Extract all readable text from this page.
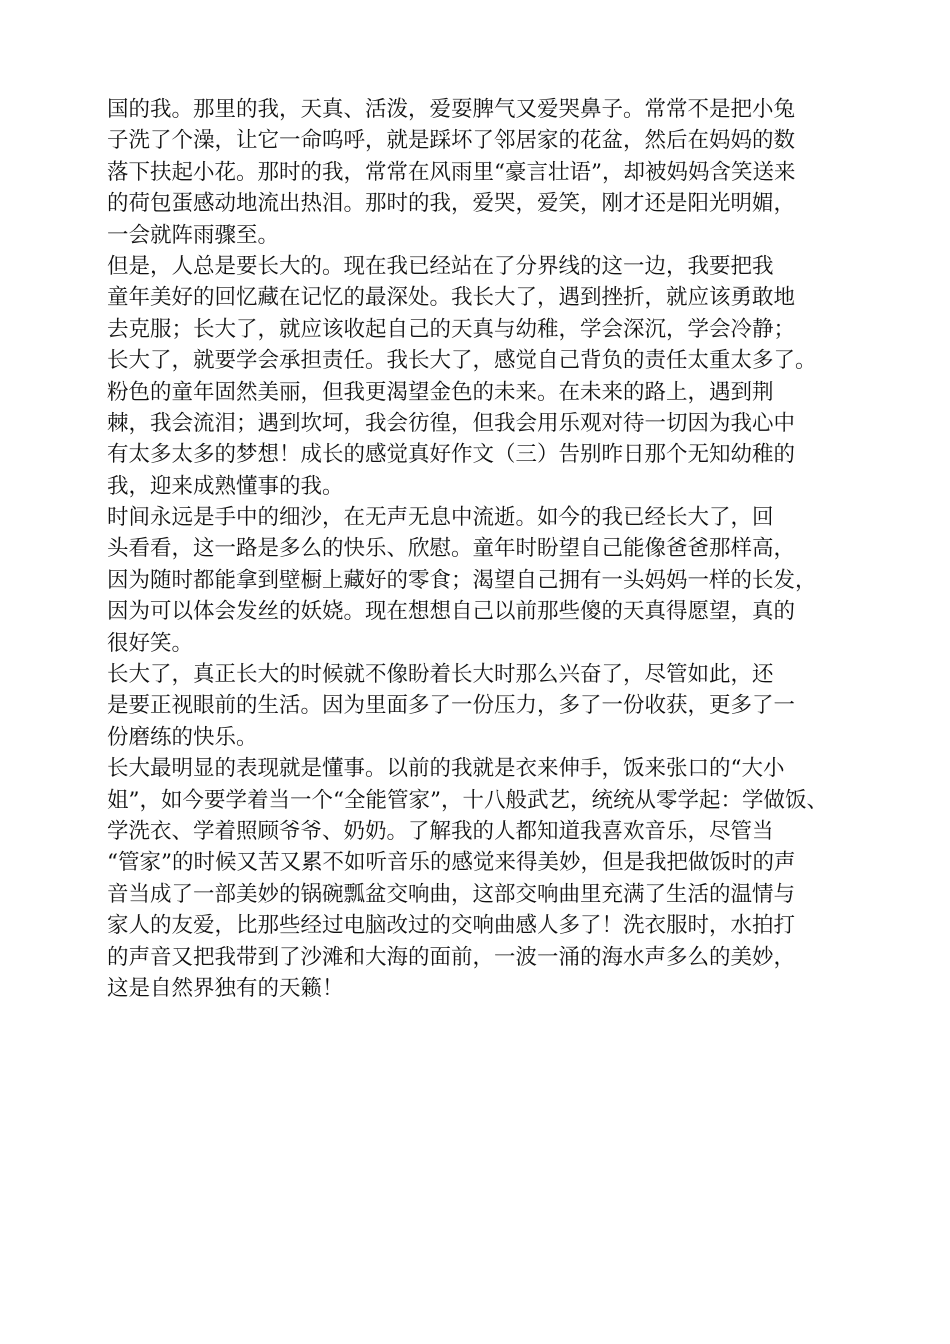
国的我。那里的我，天真、活泼，爱耍脾气又爱哭鼻子。常常不是把小兔
子洗了个澡，让它一命呜呼，就是踩坏了邻居家的花盆，然后在妈妈的数
落下扶起小花。那时的我，常常在风雨里“豪言壮语”，却被妈妈含笑送来
的荷包蛋感动地流出热泪。那时的我，爱哭，爱笑，刚才还是阳光明媚，
一会就阵雨骤至。
但是，人总是要长大的。现在我已经站在了分界线的这一边，我要把我
童年美好的回忆藏在记忆的最深处。我长大了，遇到挫折，就应该勇敢地
去克服；长大了，就应该收起自己的天真与幼稚，学会深沉，学会冷静；
长大了，就要学会承担责任。我长大了，感觉自己背负的责任太重太多了。
粉色的童年固然美丽，但我更渴望金色的未来。在未来的路上，遇到荆
棘，我会流泪；遇到坎坷，我会彷徨，但我会用乐观对待一切因为我心中
有太多太多的梦想！成长的感觉真好作文（三）告别昨日那个无知幼稚的
我，迎来成熟懂事的我。
时间永远是手中的细沙，在无声无息中流逝。如今的我已经长大了，回
头看看，这一路是多么的快乐、欣慰。童年时盼望自己能像爸爸那样高，
因为随时都能拿到壁橱上藏好的零食；渴望自己拥有一头妈妈一样的长发，
因为可以体会发丝的妖娆。现在想想自己以前那些傻的天真得愿望，真的
很好笑。
长大了，真正长大的时候就不像盼着长大时那么兴奋了，尽管如此，还
是要正视眼前的生活。因为里面多了一份压力，多了一份收获，更多了一
份磨练的快乐。
长大最明显的表现就是懂事。以前的我就是衣来伸手，饭来张口的“大小
姐”，如今要学着当一个“全能管家”，十八般武艺，统统从零学起：学做饭、
学洗衣、学着照顾爷爷、奶奶。了解我的人都知道我喜欢音乐，尽管当
“管家”的时候又苦又累不如听音乐的感觉来得美妙，但是我把做饭时的声
音当成了一部美妙的锅碗瓢盆交响曲，这部交响曲里充满了生活的温情与
家人的友爱，比那些经过电脑改过的交响曲感人多了！洗衣服时，水拍打
的声音又把我带到了沙滩和大海的面前，一波一涌的海水声多么的美妙，
这是自然界独有的天籁！
